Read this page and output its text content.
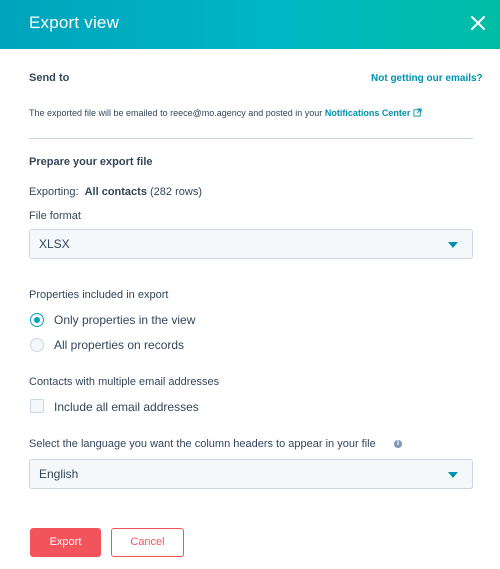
Export view
Send to	Not getting our emails?
The exported file will be emailed to reece@mo.agency and posted in your Notifications Center
Prepare your export file
Exporting: All contacts (282 rows)
File format
XLSX
Properties included in export
Only properties in the view
All properties on records
Contacts with multiple email addresses
Include all email addresses
Select the language you want the column headers to appear in your file	i
English
Export	Cancel
